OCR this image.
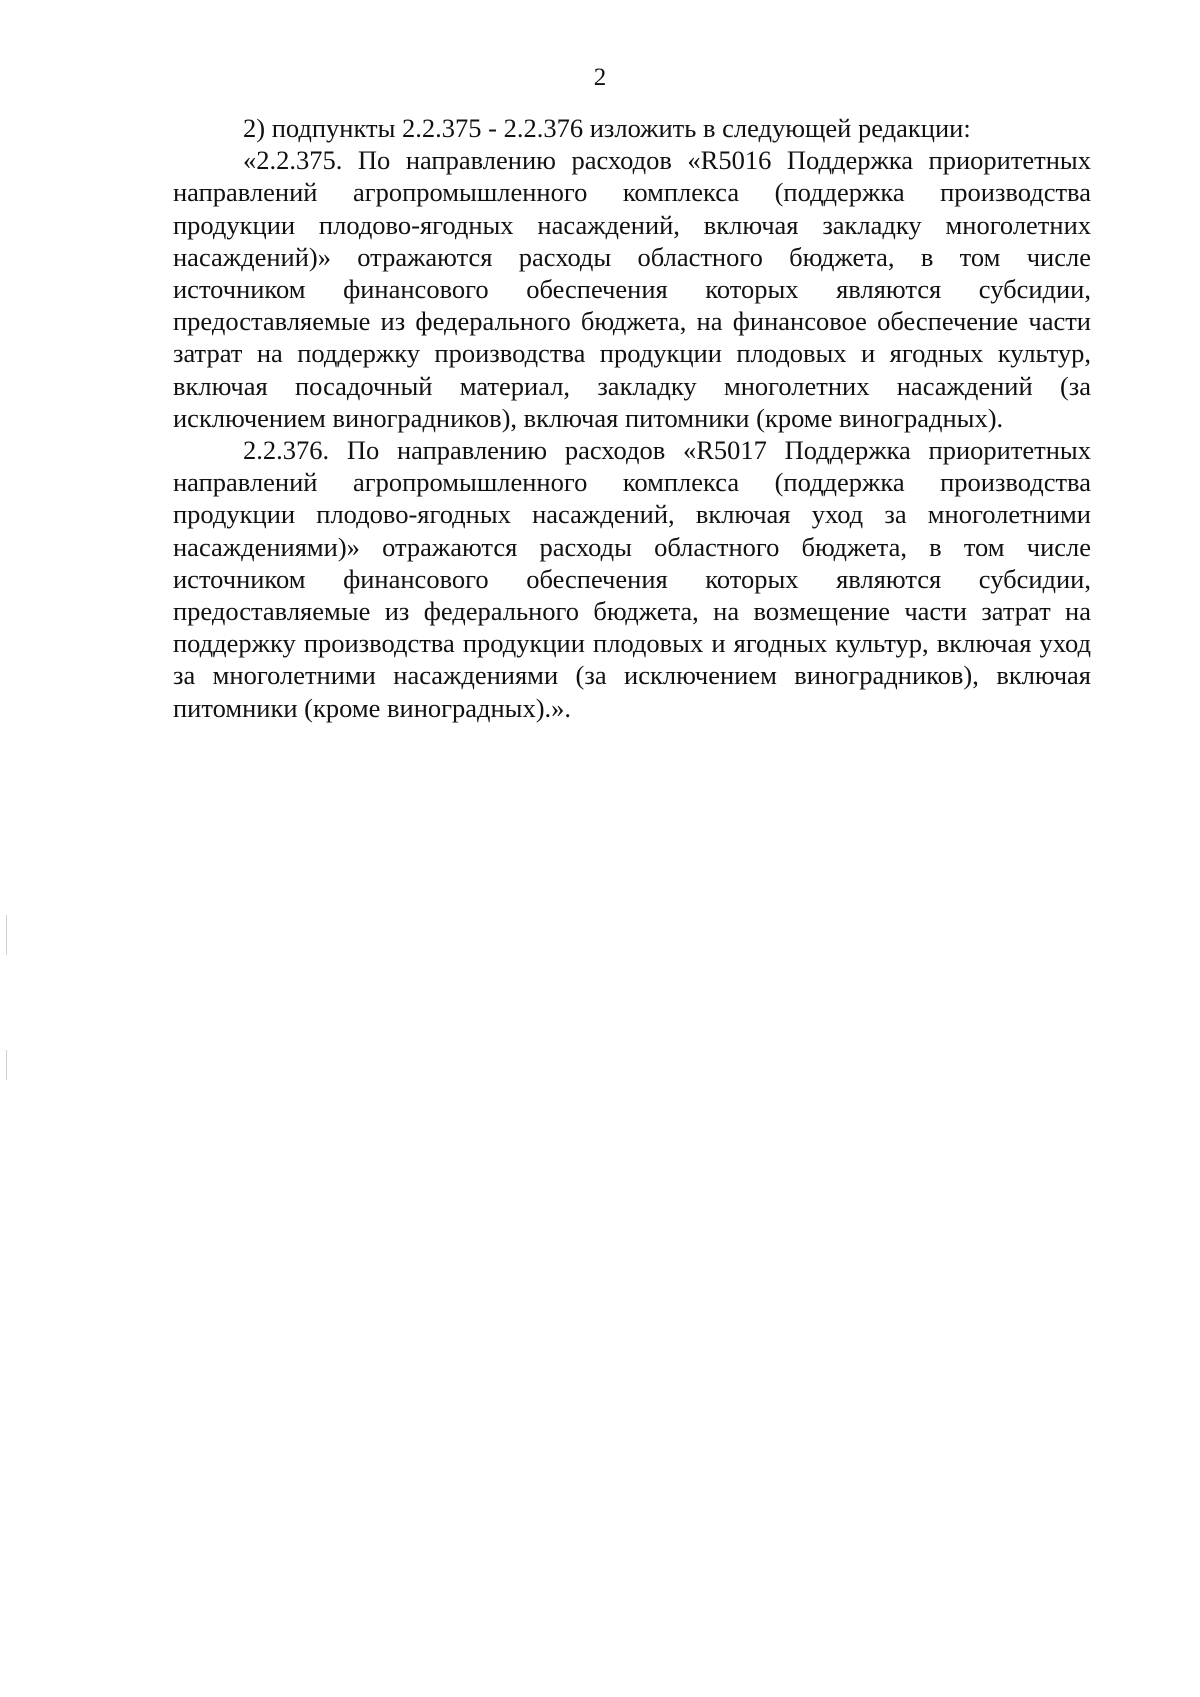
2

2) подпункты 2.2.375 - 2.2.376 изложить в следующей редакции:

«2.2.375. По направлению расходов «R5016 Поддержка приоритетных направлений агропромышленного комплекса (поддержка производства продукции плодово-ягодных насаждений, включая закладку многолетних насаждений)» отражаются расходы областного бюджета, в том числе источником финансового обеспечения которых являются субсидии, предоставляемые из федерального бюджета, на финансовое обеспечение части затрат на поддержку производства продукции плодовых и ягодных культур, включая посадочный материал, закладку многолетних насаждений (за исключением виноградников), включая питомники (кроме виноградных).

2.2.376. По направлению расходов «R5017 Поддержка приоритетных направлений агропромышленного комплекса (поддержка производства продукции плодово-ягодных насаждений, включая уход за многолетними насаждениями)» отражаются расходы областного бюджета, в том числе источником финансового обеспечения которых являются субсидии, предоставляемые из федерального бюджета, на возмещение части затрат на поддержку производства продукции плодовых и ягодных культур, включая уход за многолетними насаждениями (за исключением виноградников), включая питомники (кроме виноградных).».
